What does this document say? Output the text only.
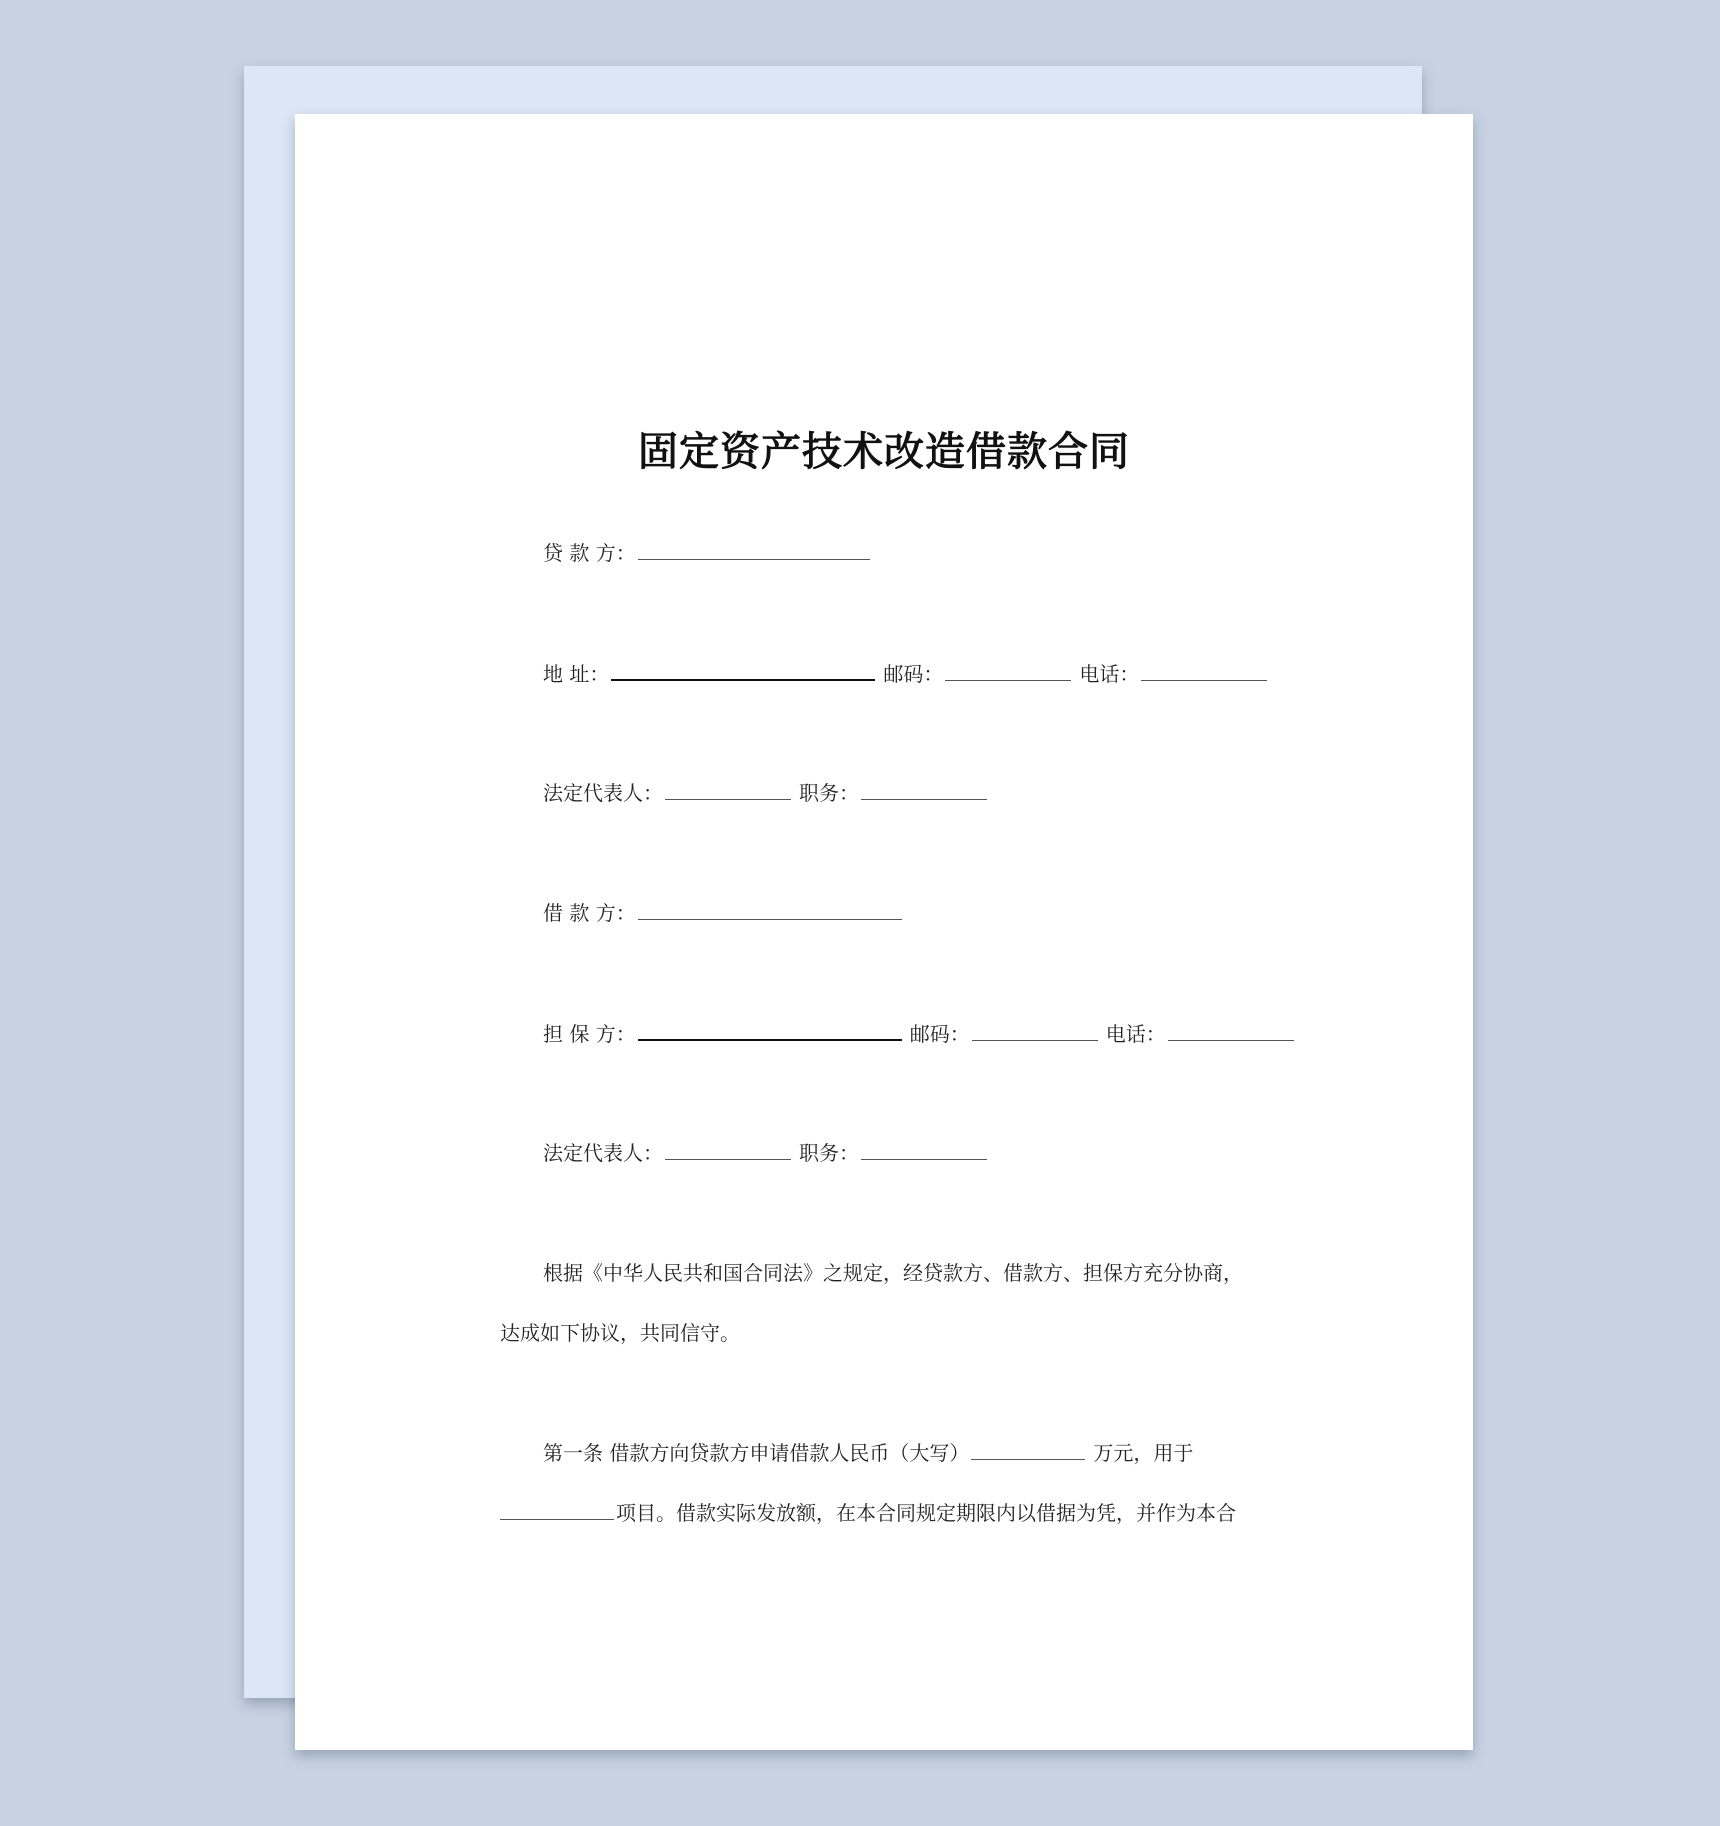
固定资产技术改造借款合同
贷 款 方：
地 址：	邮码：	电话：
法定代表人：	职务：
借 款 方：
担 保 方：	邮码：	电话：
法定代表人：	职务：
根据《中华人民共和国合同法》之规定，经贷款方、借款方、担保方充分协商，
达成如下协议，共同信守。
第一条 借款方向贷款方申请借款人民币（大写）	万元，用于
项目。借款实际发放额，在本合同规定期限内以借据为凭，并作为本合
